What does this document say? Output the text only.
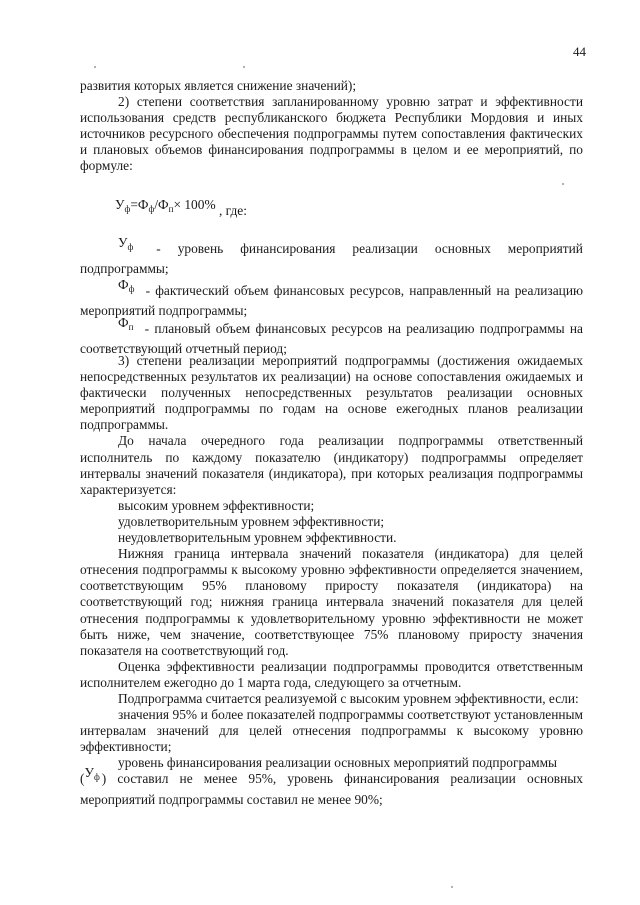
44

развития которых является снижение значений);

2) степени соответствия запланированному уровню затрат и эффективности использования средств республиканского бюджета Республики Мордовия и иных источников ресурсного обеспечения подпрограммы путем сопоставления фактических и плановых объемов финансирования подпрограммы в целом и ее мероприятий, по формуле:

$У_ф=Ф_ф/Ф_п\times 100\%$ , где:
$У_ф$ - уровень финансирования реализации основных мероприятий подпрограммы;
$Ф_ф$ - фактический объем финансовых ресурсов, направленный на реализацию мероприятий подпрограммы;
$Ф_п$ - плановый объем финансовых ресурсов на реализацию подпрограммы на соответствующий отчетный период;

3) степени реализации мероприятий подпрограммы (достижения ожидаемых непосредственных результатов их реализации) на основе сопоставления ожидаемых и фактически полученных непосредственных результатов реализации основных мероприятий подпрограммы по годам на основе ежегодных планов реализации подпрограммы.

До начала очередного года реализации подпрограммы ответственный исполнитель по каждому показателю (индикатору) подпрограммы определяет интервалы значений показателя (индикатора), при которых реализация подпрограммы характеризуется:

высоким уровнем эффективности;

удовлетворительным уровнем эффективности;

неудовлетворительным уровнем эффективности.

Нижняя граница интервала значений показателя (индикатора) для целей отнесения подпрограммы к высокому уровню эффективности определяется значением, соответствующим 95% плановому приросту показателя (индикатора) на соответствующий год; нижняя граница интервала значений показателя для целей отнесения подпрограммы к удовлетворительному уровню эффективности не может быть ниже, чем значение, соответствующее 75% плановому приросту значения показателя на соответствующий год.

Оценка эффективности реализации подпрограммы проводится ответственным исполнителем ежегодно до 1 марта года, следующего за отчетным.

Подпрограмма считается реализуемой с высоким уровнем эффективности, если:

значения 95% и более показателей подпрограммы соответствуют установленным интервалам значений для целей отнесения подпрограммы к высокому уровню эффективности;

уровень финансирования реализации основных мероприятий подпрограммы

($У_ф$ ) составил не менее 95%, уровень финансирования реализации основных мероприятий подпрограммы составил не менее 90%;
